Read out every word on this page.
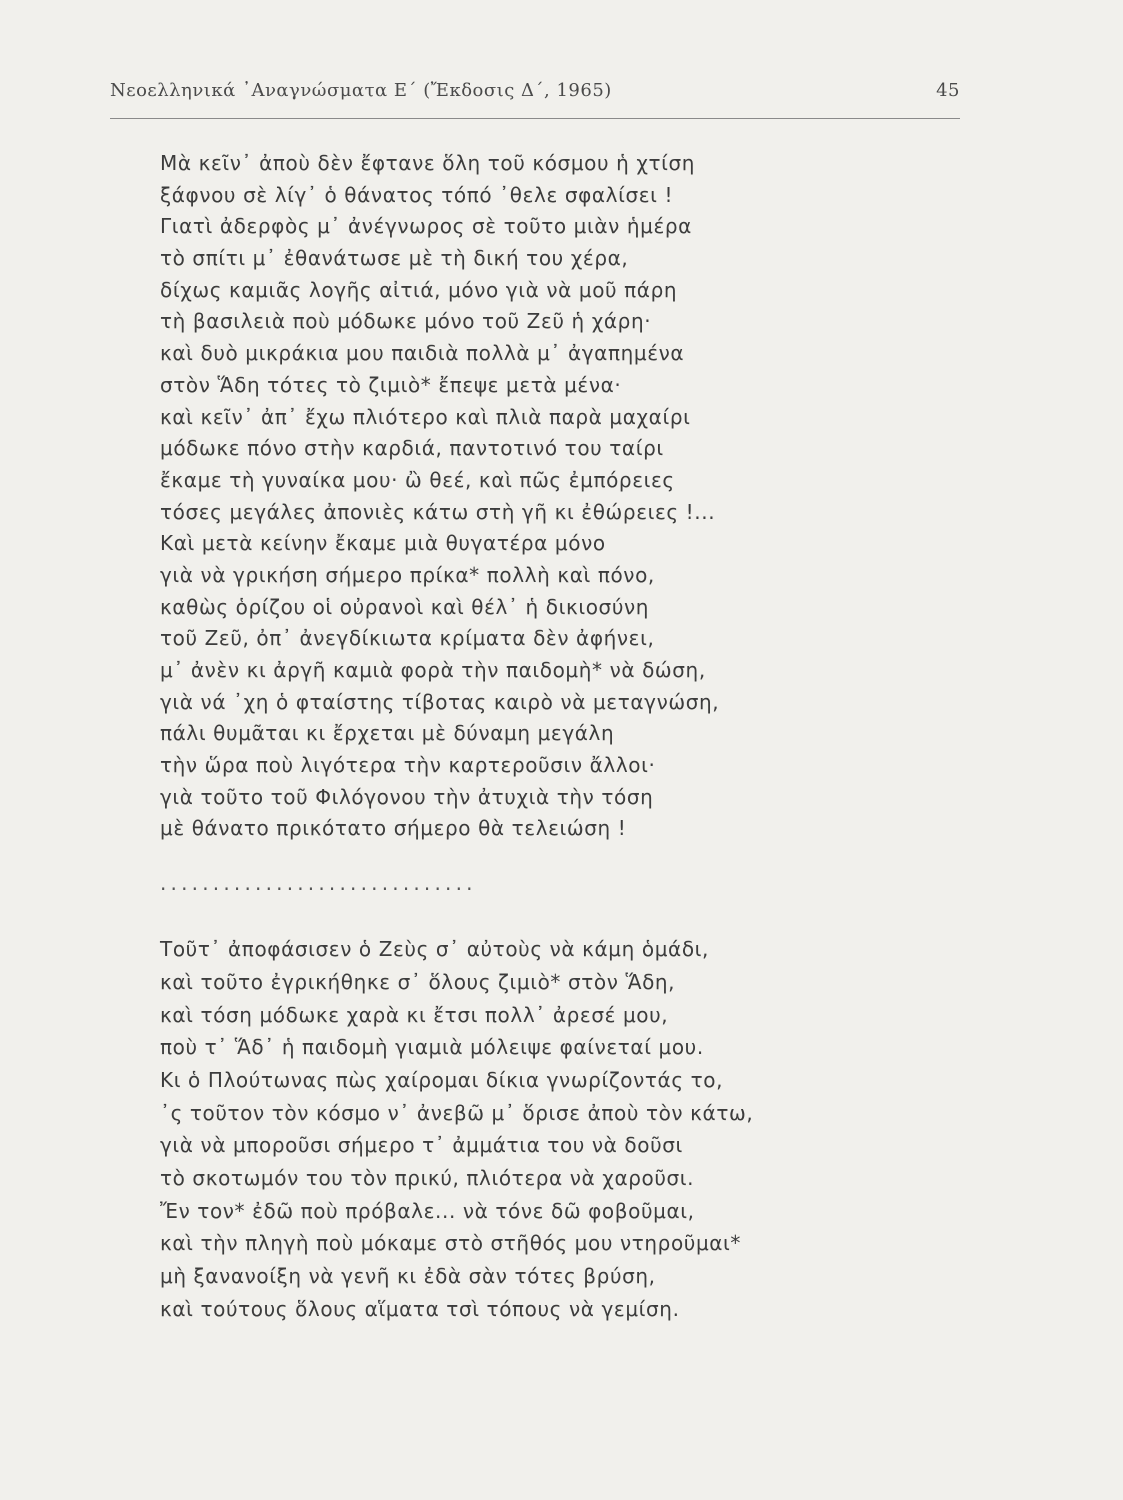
Νεοελληνικά ᾽Αναγνώσματα Ε΄ (Ἔκδοσις Δ΄, 1965)	45
Μὰ κεῖν᾽ ἀποὺ δὲν ἔφτανε ὅλη τοῦ κόσμου ἡ χτίση
ξάφνου σὲ λίγ᾽ ὁ θάνατος τόπό ᾽θελε σφαλίσει !
Γιατὶ ἀδερφὸς μ᾽ ἀνέγνωρος σὲ τοῦτο μιὰν ἡμέρα
τὸ σπίτι μ᾽ ἐθανάτωσε μὲ τὴ δική του χέρα,
δίχως καμιᾶς λογῆς αἰτιά, μόνο γιὰ νὰ μοῦ πάρη
τὴ βασιλειὰ ποὺ μόδωκε μόνο τοῦ Ζεῦ ἡ χάρη·
καὶ δυὸ μικράκια μου παιδιὰ πολλὰ μ᾽ ἀγαπημένα
στὸν Ἅδη τότες τὸ ζιμιὸ* ἔπεψε μετὰ μένα·
καὶ κεῖν᾽ ἀπ᾽ ἔχω πλιότερο καὶ πλιὰ παρὰ μαχαίρι
μόδωκε πόνο στὴν καρδιά, παντοτινό του ταίρι
ἔκαμε τὴ γυναίκα μου· ὢ θεέ, καὶ πῶς ἐμπόρειες
τόσες μεγάλες ἀπονιὲς κάτω στὴ γῆ κι ἐθώρειες !...
Καὶ μετὰ κείνην ἔκαμε μιὰ θυγατέρα μόνο
γιὰ νὰ γρικήση σήμερο πρίκα* πολλὴ καὶ πόνο,
καθὼς ὁρίζου οἱ οὐρανοὶ καὶ θέλ᾽ ἡ δικιοσύνη
τοῦ Ζεῦ, ὀπ᾽ ἀνεγδίκιωτα κρίματα δὲν ἀφήνει,
μ᾽ ἀνὲν κι ἀργῆ καμιὰ φορὰ τὴν παιδομὴ* νὰ δώση,
γιὰ νά ᾽χη ὁ φταίστης τίβοτας καιρὸ νὰ μεταγνώση,
πάλι θυμᾶται κι ἔρχεται μὲ δύναμη μεγάλη
τὴν ὥρα ποὺ λιγότερα τὴν καρτεροῦσιν ἄλλοι·
γιὰ τοῦτο τοῦ Φιλόγονου τὴν ἀτυχιὰ τὴν τόση
μὲ θάνατο πρικότατο σήμερο θὰ τελειώση !
..............................
Τοῦτ᾽ ἀποφάσισεν ὁ Ζεὺς σ᾽ αὐτοὺς νὰ κάμη ὁμάδι,
καὶ τοῦτο ἐγρικήθηκε σ᾽ ὅλους ζιμιὸ* στὸν Ἅδη,
καὶ τόση μόδωκε χαρὰ κι ἔτσι πολλ᾽ ἀρεσέ μου,
ποὺ τ᾽ Ἅδ᾽ ἡ παιδομὴ γιαμιὰ μόλειψε φαίνεταί μου.
Κι ὁ Πλούτωνας πὼς χαίρομαι δίκια γνωρίζοντάς το,
᾽ς τοῦτον τὸν κόσμο ν᾽ ἀνεβῶ μ᾽ ὅρισε ἀποὺ τὸν κάτω,
γιὰ νὰ μποροῦσι σήμερο τ᾽ ἀμμάτια του νὰ δοῦσι
τὸ σκοτωμόν του τὸν πρικύ, πλιότερα νὰ χαροῦσι.
Ἔν τον* ἐδῶ ποὺ πρόβαλε... νὰ τόνε δῶ φοβοῦμαι,
καὶ τὴν πληγὴ ποὺ μόκαμε στὸ στῆθός μου ντηροῦμαι*
μὴ ξανανοίξη νὰ γενῆ κι ἐδὰ σὰν τότες βρύση,
καὶ τούτους ὅλους αἵματα τσὶ τόπους νὰ γεμίση.
